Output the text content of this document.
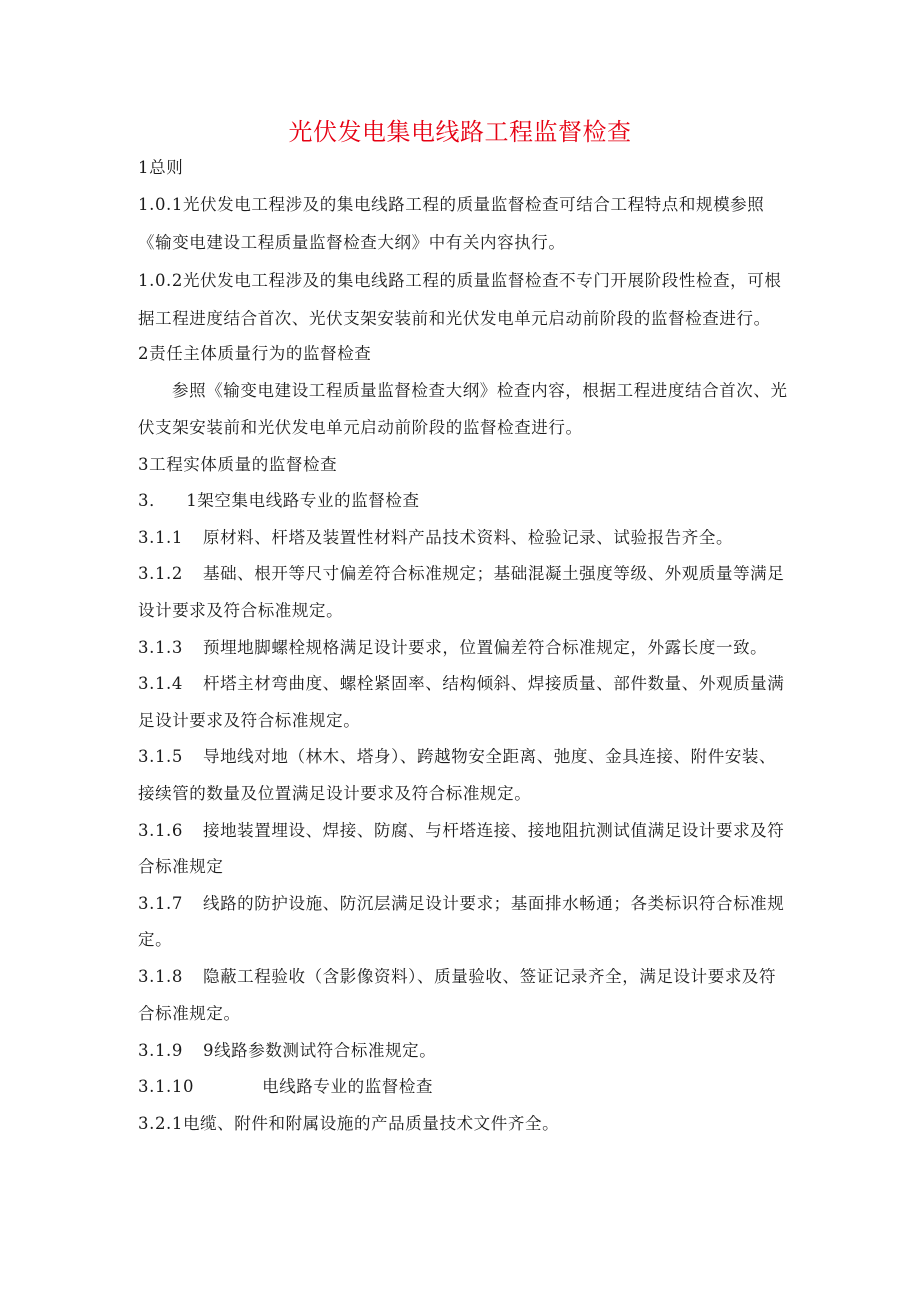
光伏发电集电线路工程监督检查
1总则
1.0.1光伏发电工程涉及的集电线路工程的质量监督检查可结合工程特点和规模参照
《输变电建设工程质量监督检查大纲》中有关内容执行。
1.0.2光伏发电工程涉及的集电线路工程的质量监督检查不专门开展阶段性检查，可根
据工程进度结合首次、光伏支架安装前和光伏发电单元启动前阶段的监督检查进行。
2责任主体质量行为的监督检查
参照《输变电建设工程质量监督检查大纲》检查内容，根据工程进度结合首次、光
伏支架安装前和光伏发电单元启动前阶段的监督检查进行。
3工程实体质量的监督检查
3． 1架空集电线路专业的监督检查
3.1.1 原材料、杆塔及装置性材料产品技术资料、检验记录、试验报告齐全。
3.1.2 基础、根开等尺寸偏差符合标准规定；基础混凝土强度等级、外观质量等满足
设计要求及符合标准规定。
3.1.3 预埋地脚螺栓规格满足设计要求，位置偏差符合标准规定，外露长度一致。
3.1.4 杆塔主材弯曲度、螺栓紧固率、结构倾斜、焊接质量、部件数量、外观质量满
足设计要求及符合标准规定。
3.1.5 导地线对地（林木、塔身）、跨越物安全距离、弛度、金具连接、附件安装、
接续管的数量及位置满足设计要求及符合标准规定。
3.1.6 接地装置埋设、焊接、防腐、与杆塔连接、接地阻抗测试值满足设计要求及符
合标准规定
3.1.7 线路的防护设施、防沉层满足设计要求；基面排水畅通；各类标识符合标准规
定。
3.1.8 隐蔽工程验收（含影像资料）、质量验收、签证记录齐全，满足设计要求及符
合标准规定。
3.1.9 9线路参数测试符合标准规定。
3.1.10	电线路专业的监督检查
3.2.1电缆、附件和附属设施的产品质量技术文件齐全。
